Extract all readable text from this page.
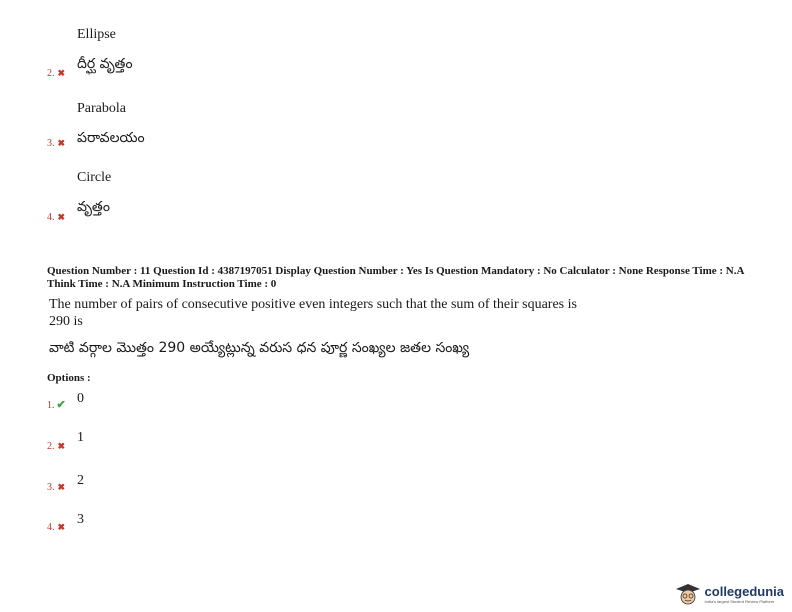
Ellipse
దీర్ఘ వృత్తం
2. ✖
Parabola
పరావలయం
3. ✖
Circle
వృత్తం
4. ✖
Question Number : 11 Question Id : 4387197051 Display Question Number : Yes Is Question Mandatory : No Calculator : None Response Time : N.A Think Time : N.A Minimum Instruction Time : 0
The number of pairs of consecutive positive even integers such that the sum of their squares is 290 is
వాటి వర్గాల మొత్తం 290 అయ్యేట్లున్న వరుస ధన పూర్ణ సంఖ్యల జతల సంఖ్య
Options :
1. ✔ 0
2. ✖
1
3. ✖ 2
4. ✖ 3
collegedunia
India's largest Student Review Platform
